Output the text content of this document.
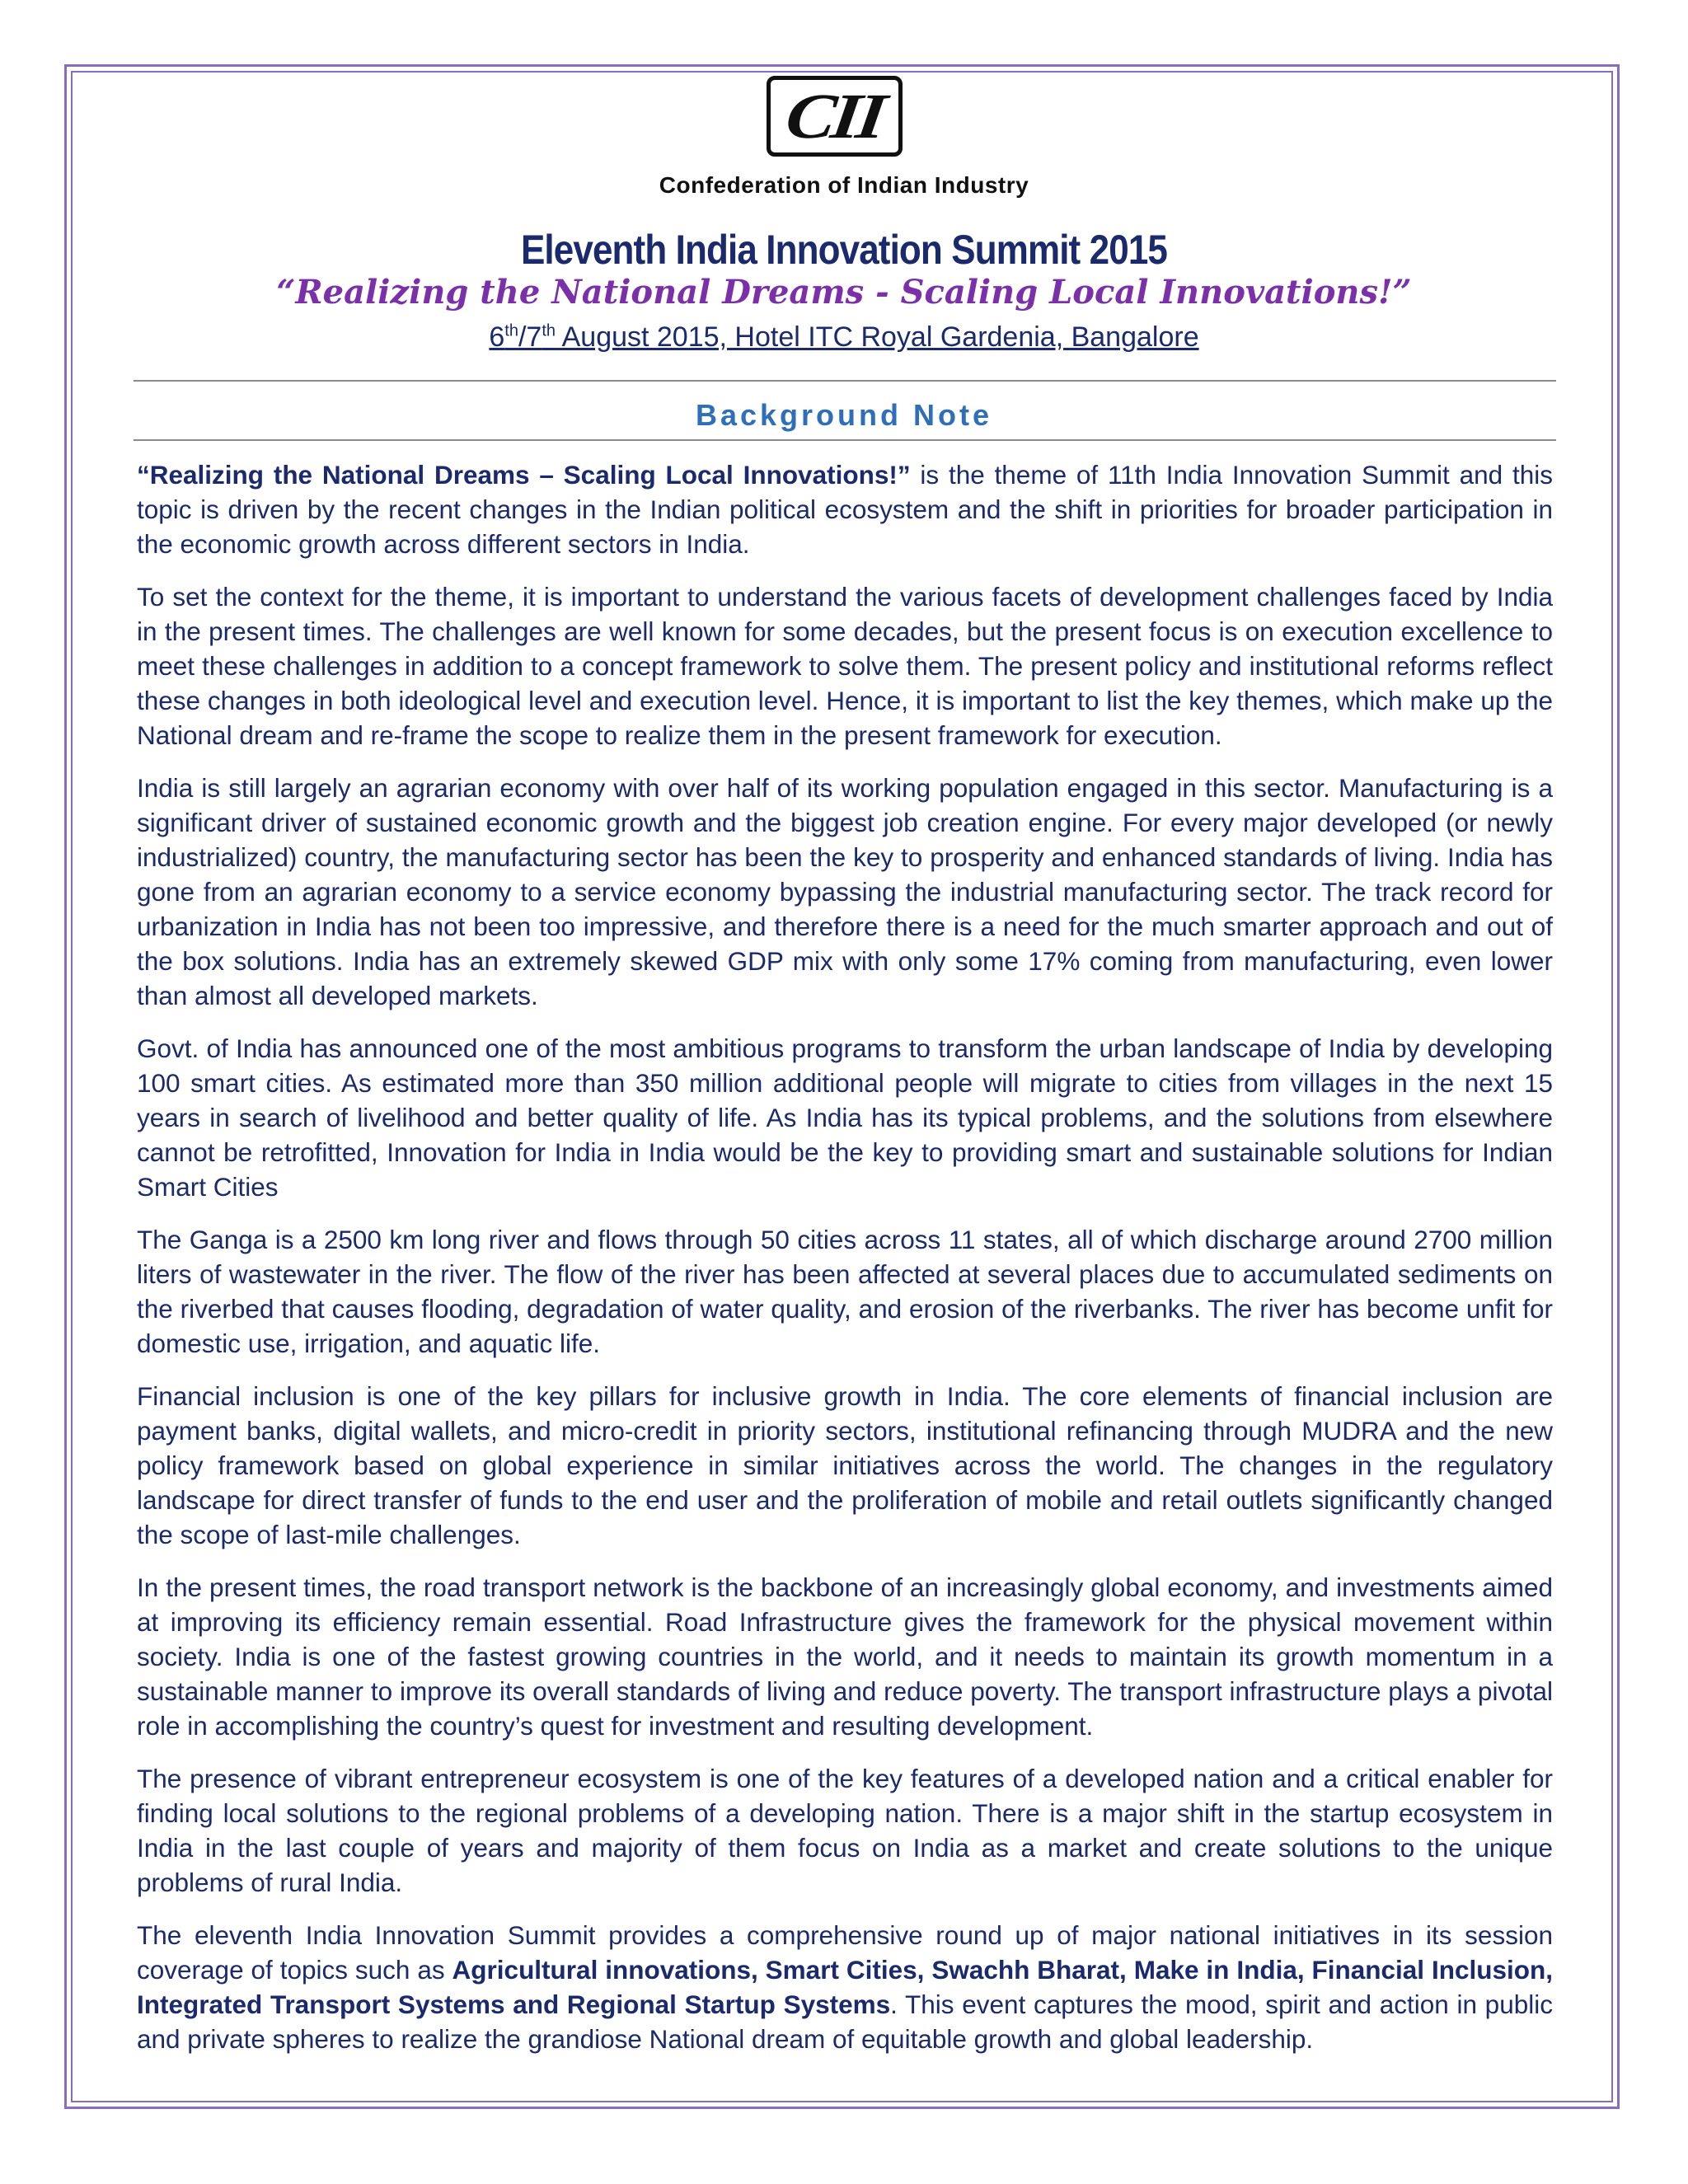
CII
Confederation of Indian Industry
Eleventh India Innovation Summit 2015
“Realizing the National Dreams - Scaling Local Innovations!”
6th/7th August 2015, Hotel ITC Royal Gardenia, Bangalore
Background Note

“Realizing the National Dreams – Scaling Local Innovations!” is the theme of 11th India Innovation Summit and this topic is driven by the recent changes in the Indian political ecosystem and the shift in priorities for broader participation in the economic growth across different sectors in India.

To set the context for the theme, it is important to understand the various facets of development challenges faced by India in the present times. The challenges are well known for some decades, but the present focus is on execution excellence to meet these challenges in addition to a concept framework to solve them. The present policy and institutional reforms reflect these changes in both ideological level and execution level. Hence, it is important to list the key themes, which make up the National dream and re-frame the scope to realize them in the present framework for execution.

India is still largely an agrarian economy with over half of its working population engaged in this sector. Manufacturing is a significant driver of sustained economic growth and the biggest job creation engine. For every major developed (or newly industrialized) country, the manufacturing sector has been the key to prosperity and enhanced standards of living. India has gone from an agrarian economy to a service economy bypassing the industrial manufacturing sector. The track record for urbanization in India has not been too impressive, and therefore there is a need for the much smarter approach and out of the box solutions. India has an extremely skewed GDP mix with only some 17% coming from manufacturing, even lower than almost all developed markets.

Govt. of India has announced one of the most ambitious programs to transform the urban landscape of India by developing 100 smart cities. As estimated more than 350 million additional people will migrate to cities from villages in the next 15 years in search of livelihood and better quality of life. As India has its typical problems, and the solutions from elsewhere cannot be retrofitted, Innovation for India in India would be the key to providing smart and sustainable solutions for Indian Smart Cities

The Ganga is a 2500 km long river and flows through 50 cities across 11 states, all of which discharge around 2700 million liters of wastewater in the river. The flow of the river has been affected at several places due to accumulated sediments on the riverbed that causes flooding, degradation of water quality, and erosion of the riverbanks. The river has become unfit for domestic use, irrigation, and aquatic life.

Financial inclusion is one of the key pillars for inclusive growth in India. The core elements of financial inclusion are payment banks, digital wallets, and micro-credit in priority sectors, institutional refinancing through MUDRA and the new policy framework based on global experience in similar initiatives across the world. The changes in the regulatory landscape for direct transfer of funds to the end user and the proliferation of mobile and retail outlets significantly changed the scope of last-mile challenges.

In the present times, the road transport network is the backbone of an increasingly global economy, and investments aimed at improving its efficiency remain essential. Road Infrastructure gives the framework for the physical movement within society. India is one of the fastest growing countries in the world, and it needs to maintain its growth momentum in a sustainable manner to improve its overall standards of living and reduce poverty. The transport infrastructure plays a pivotal role in accomplishing the country’s quest for investment and resulting development.

The presence of vibrant entrepreneur ecosystem is one of the key features of a developed nation and a critical enabler for finding local solutions to the regional problems of a developing nation. There is a major shift in the startup ecosystem in India in the last couple of years and majority of them focus on India as a market and create solutions to the unique problems of rural India.

The eleventh India Innovation Summit provides a comprehensive round up of major national initiatives in its session coverage of topics such as Agricultural innovations, Smart Cities, Swachh Bharat, Make in India, Financial Inclusion, Integrated Transport Systems and Regional Startup Systems. This event captures the mood, spirit and action in public and private spheres to realize the grandiose National dream of equitable growth and global leadership.
